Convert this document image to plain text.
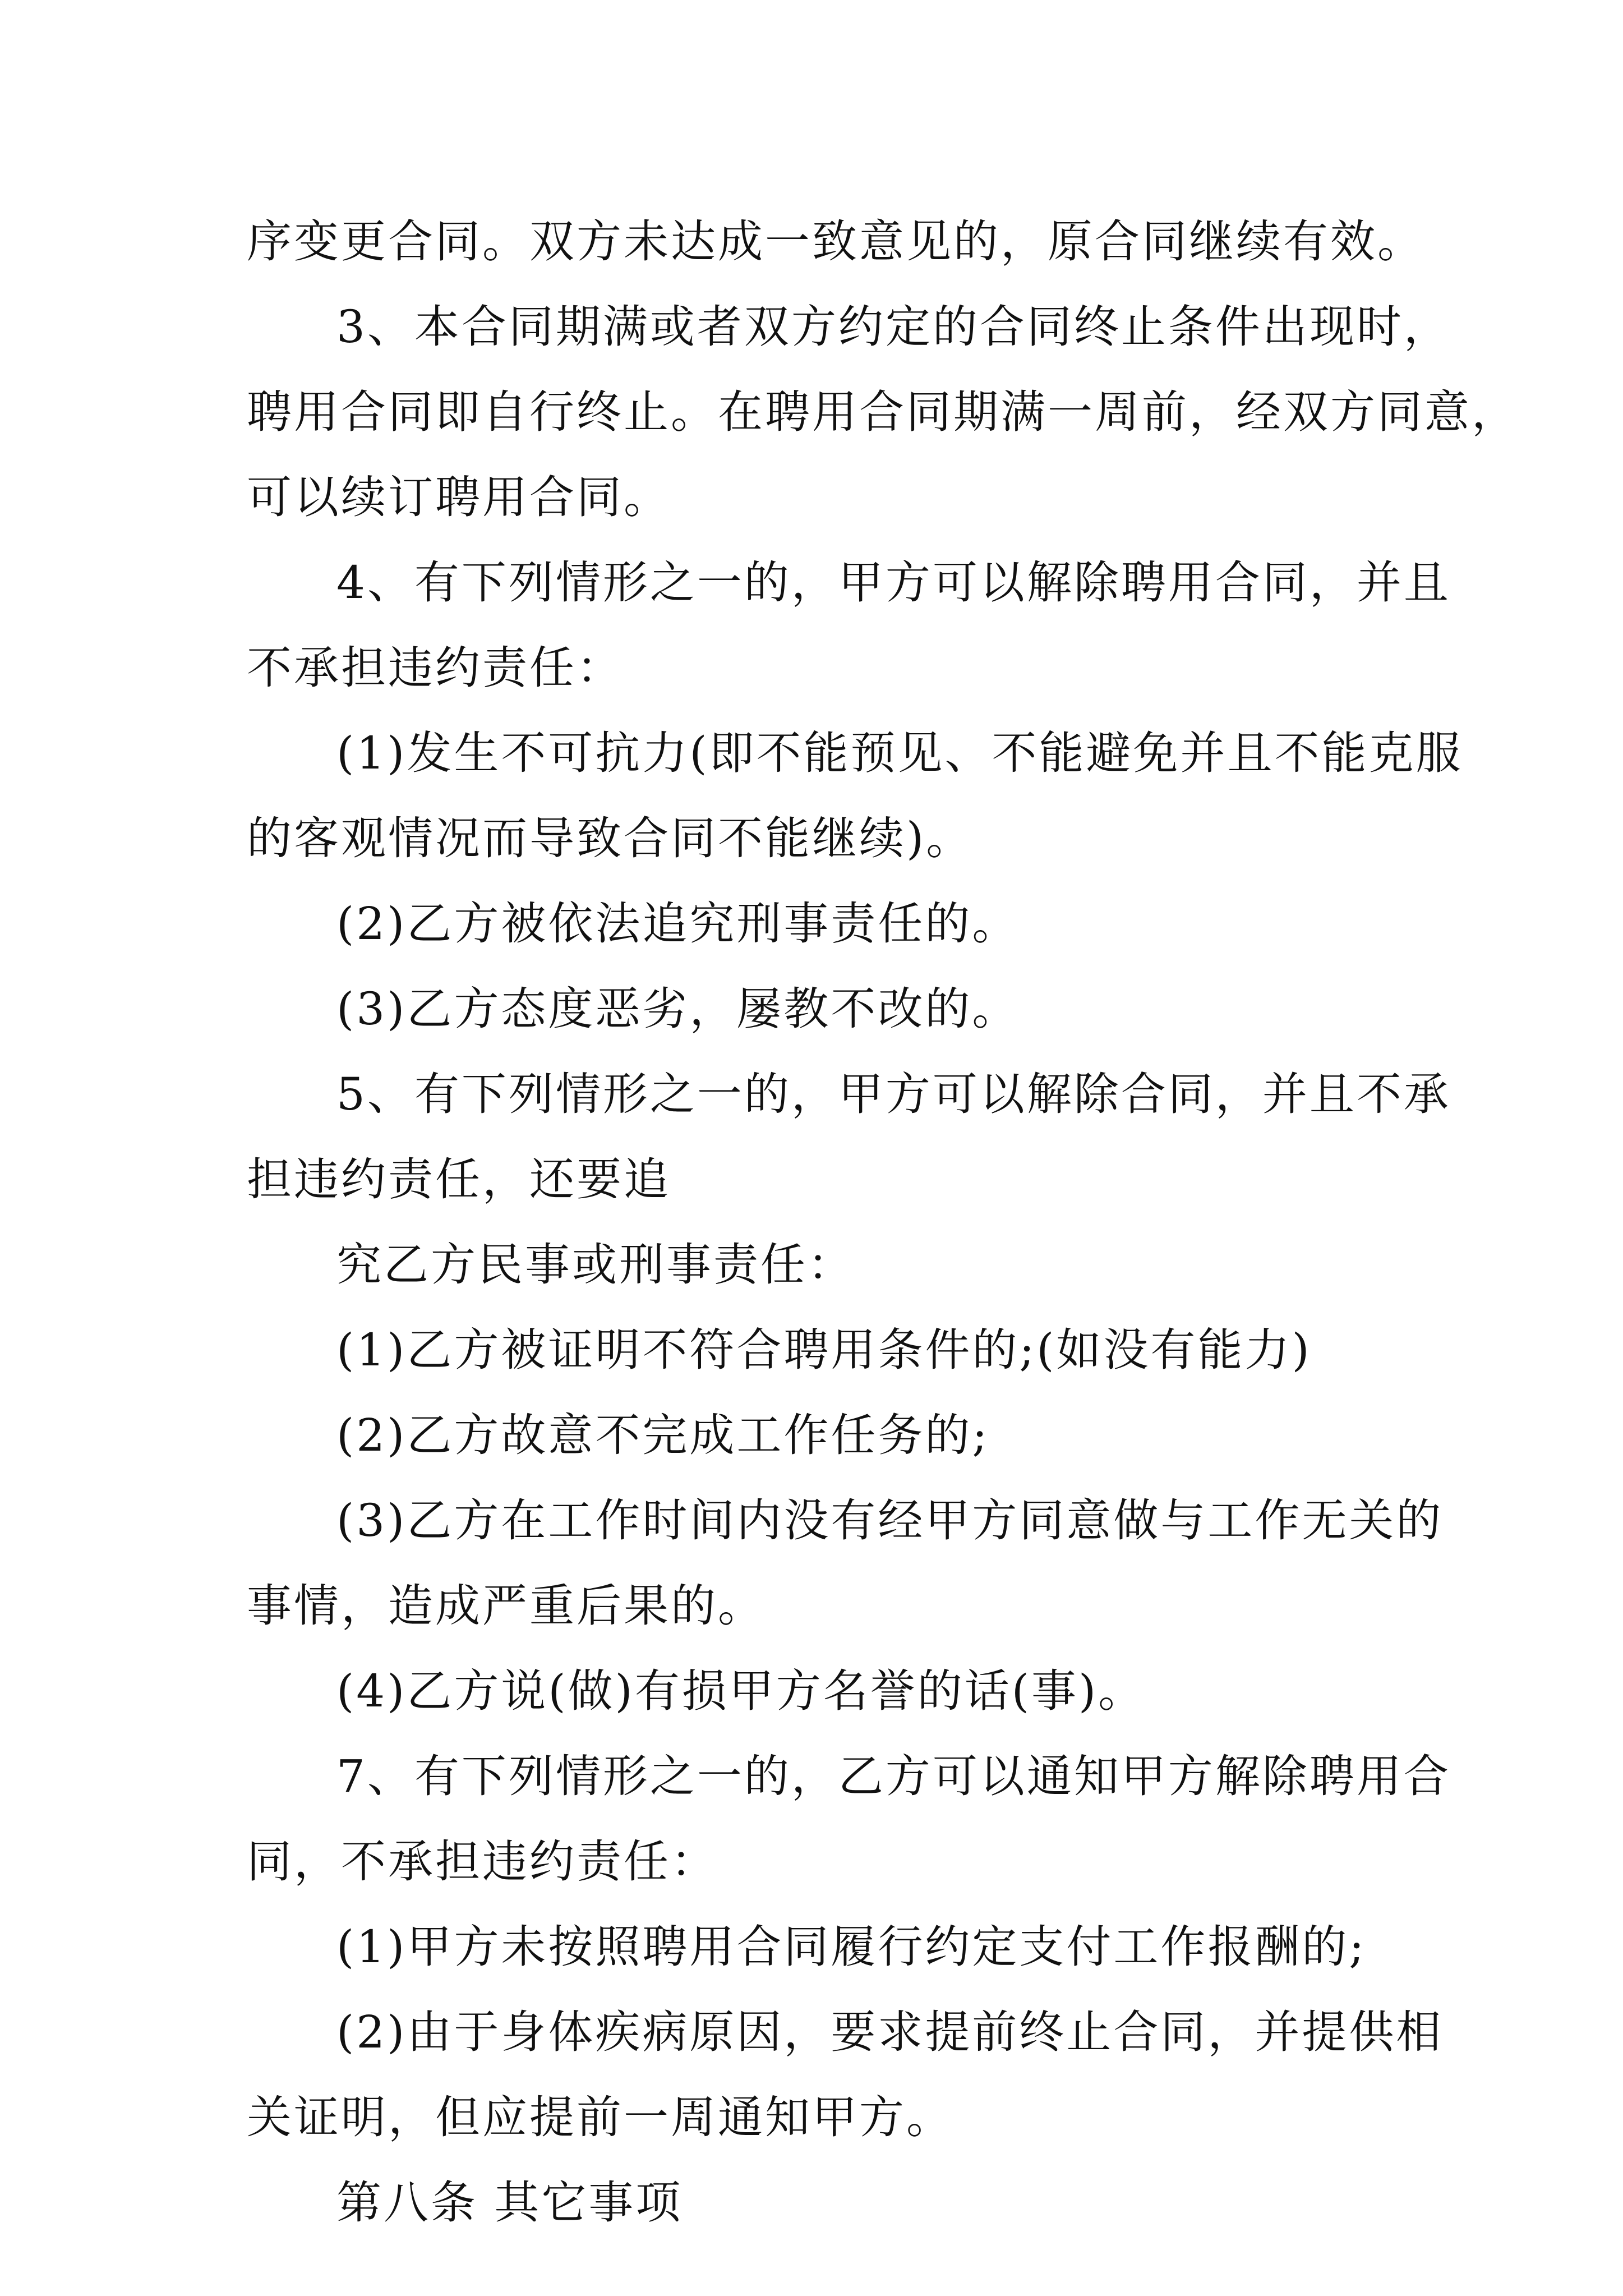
序变更合同。双方未达成一致意见的，原合同继续有效。
3、本合同期满或者双方约定的合同终止条件出现时，
聘用合同即自行终止。在聘用合同期满一周前，经双方同意，
可以续订聘用合同。
4、有下列情形之一的，甲方可以解除聘用合同，并且
不承担违约责任：
(1)发生不可抗力(即不能预见、不能避免并且不能克服
的客观情况而导致合同不能继续)。
(2)乙方被依法追究刑事责任的。
(3)乙方态度恶劣，屡教不改的。
5、有下列情形之一的，甲方可以解除合同，并且不承
担违约责任，还要追
究乙方民事或刑事责任：
(1)乙方被证明不符合聘用条件的;(如没有能力)
(2)乙方故意不完成工作任务的;
(3)乙方在工作时间内没有经甲方同意做与工作无关的
事情，造成严重后果的。
(4)乙方说(做)有损甲方名誉的话(事)。
7、有下列情形之一的，乙方可以通知甲方解除聘用合
同，不承担违约责任：
(1)甲方未按照聘用合同履行约定支付工作报酬的;
(2)由于身体疾病原因，要求提前终止合同，并提供相
关证明，但应提前一周通知甲方。
第八条 其它事项
